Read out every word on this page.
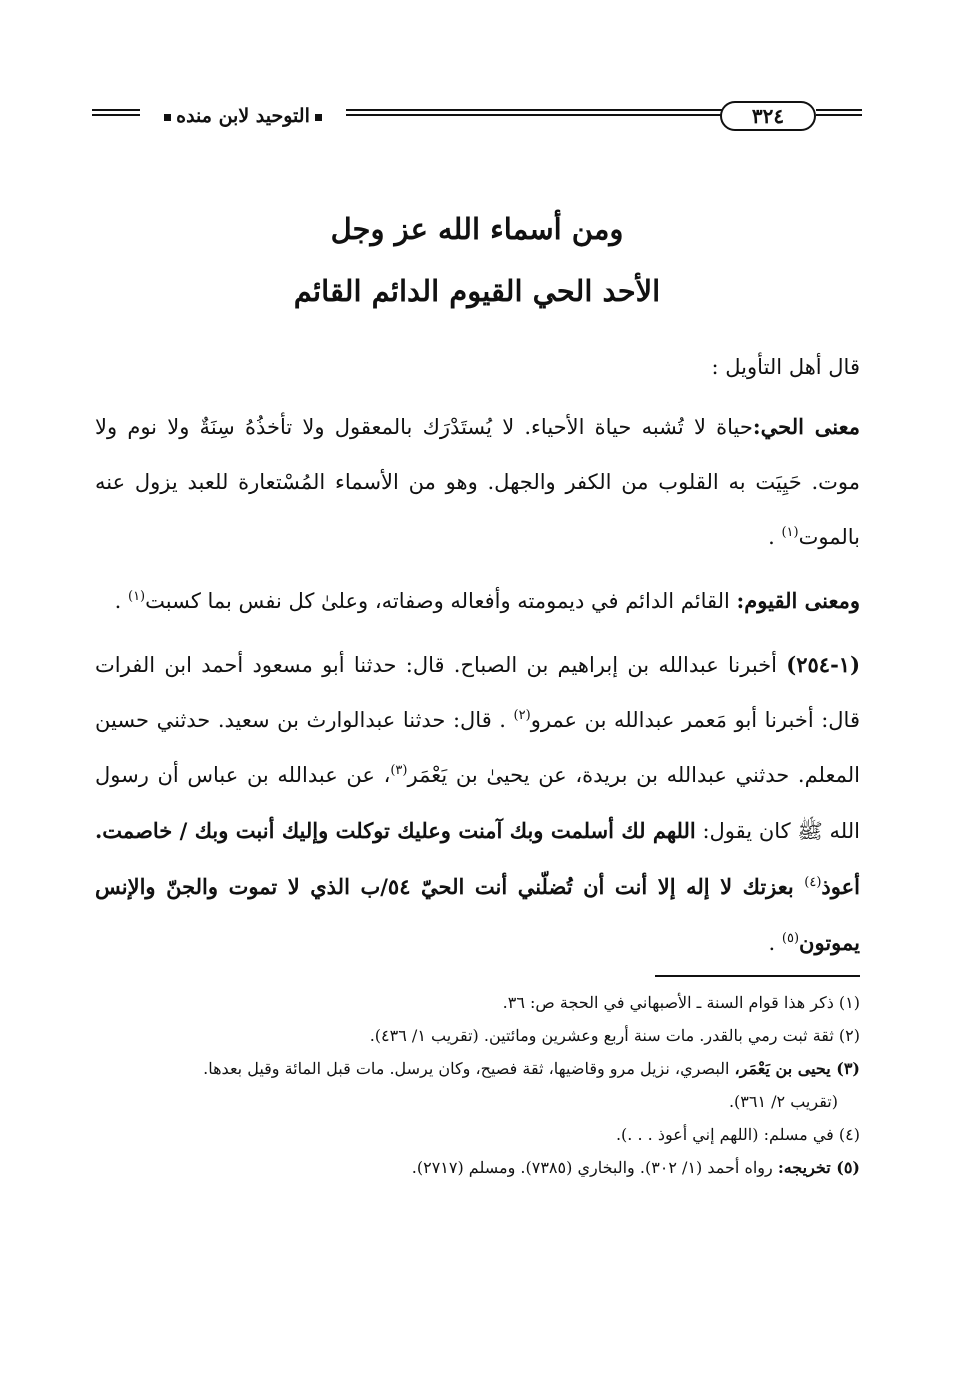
التوحيد لابن منده	٣٢٤
ومن أسماء الله عز وجل
الأحد الحي القيوم الدائم القائم

قال أهل التأويل :

معنى الحي:حياة لا تُشبه حياة الأحياء. لا يُستَدْرَك بالمعقول ولا تأخذُهُ سِنَةٌ ولا نوم ولا موت. حَيِيَت به القلوب من الكفر والجهل. وهو من الأسماء المُسْتعارة للعبد يزول عنه بالموت$^{(١)}$ .

ومعنى القيوم: القائم الدائم في ديمومته وأفعاله وصفاته، وعلىٰ كل نفس بما كسبت$^{(١)}$ .

(١-٢٥٤) أخبرنا عبدالله بن إبراهيم بن الصباح. قال: حدثنا أبو مسعود أحمد ابن الفرات قال: أخبرنا أبو مَعمر عبدالله بن عمرو$^{(٢)}$ . قال: حدثنا عبدالوارث بن سعيد. حدثني حسين المعلم. حدثني عبدالله بن بريدة، عن يحيىٰ بن يَعْمَر$^{(٣)}$، عن عبدالله بن عباس أن رسول الله ﷺ كان يقول: اللهم لك أسلمت وبك آمنت وعليك توكلت وإليك أنبت وبك / خاصمت. أعوذ$^{(٤)}$ بعزتك لا إله إلا أنت أن تُضلّني أنت الحيّ ٥٤/ب الذي لا تموت والجنّ والإنس يموتون$^{(٥)}$ .

(١) ذكر هذا قوام السنة ـ الأصبهاني في الحجة ص: ٣٦.

(٢) ثقة ثبت رمي بالقدر. مات سنة أربع وعشرين ومائتين. (تقريب ١/ ٤٣٦).

(٣) يحيى بن يَعْمَر، البصري، نزيل مرو وقاضيها، ثقة فصيح، وكان يرسل. مات قبل المائة وقيل بعدها.

(تقريب ٢/ ٣٦١).

(٤) في مسلم: (اللهم إني أعوذ . . .).

(٥) تخريجه: رواه أحمد (١/ ٣٠٢). والبخاري (٧٣٨٥). ومسلم (٢٧١٧).
